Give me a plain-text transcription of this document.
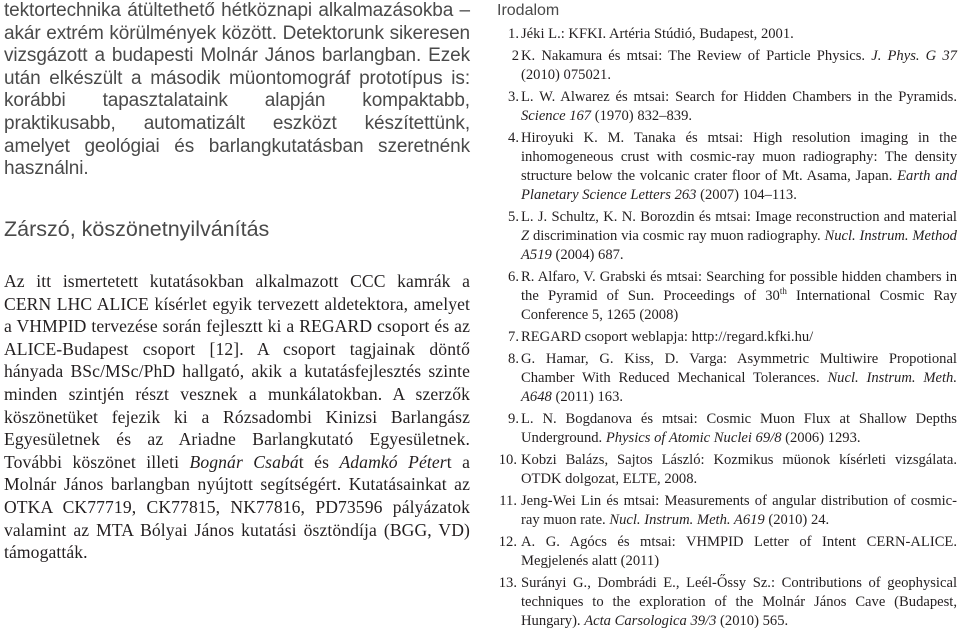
tektortechnika átültethető hétköznapi alkalmazásokba – akár extrém körülmények között. Detektorunk sikeresen vizsgázott a budapesti Molnár János barlangban. Ezek után elkészült a második müontomográf prototípus is: korábbi tapasztalataink alapján kompaktabb, praktikusabb, automatizált eszközt készítettünk, amelyet geológiai és barlangkutatásban szeretnénk használni.

Zárszó, köszönetnyilvánítás

Az itt ismertetett kutatásokban alkalmazott CCC kamrák a CERN LHC ALICE kísérlet egyik tervezett aldetektora, amelyet a VHMPID tervezése során fejlesztt ki a REGARD csoport és az ALICE-Budapest csoport [12]. A csoport tagjainak döntő hányada BSc/MSc/PhD hallgató, akik a kutatásfejlesztés szinte minden szintjén részt vesznek a munkálatokban. A szerzők köszönetüket fejezik ki a Rózsadombi Kinizsi Barlangász Egyesületnek és az Ariadne Barlangkutató Egyesületnek. További köszönet illeti Bognár Csabát és Adamkó Pétert a Molnár János barlangban nyújtott segítségért. Kutatásainkat az OTKA CK77719, CK77815, NK77816, PD73596 pályázatok valamint az MTA Bólyai János kutatási ösztöndíja (BGG, VD) támogatták.

Irodalom
1. Jéki L.: KFKI. Artéria Stúdió, Budapest, 2001.
2 K. Nakamura és mtsai: The Review of Particle Physics. J. Phys. G 37 (2010) 075021.
3. L. W. Alwarez és mtsai: Search for Hidden Chambers in the Pyramids. Science 167 (1970) 832–839.
4. Hiroyuki K. M. Tanaka és mtsai: High resolution imaging in the inhomogeneous crust with cosmic-ray muon radiography: The density structure below the volcanic crater floor of Mt. Asama, Japan. Earth and Planetary Science Letters 263 (2007) 104–113.
5. L. J. Schultz, K. N. Borozdin és mtsai: Image reconstruction and material Z discrimination via cosmic ray muon radiography. Nucl. Instrum. Method A519 (2004) 687.
6. R. Alfaro, V. Grabski és mtsai: Searching for possible hidden chambers in the Pyramid of Sun. Proceedings of 30th International Cosmic Ray Conference 5, 1265 (2008)
7. REGARD csoport weblapja: http://regard.kfki.hu/
8. G. Hamar, G. Kiss, D. Varga: Asymmetric Multiwire Propotional Chamber With Reduced Mechanical Tolerances. Nucl. Instrum. Meth. A648 (2011) 163.
9. L. N. Bogdanova és mtsai: Cosmic Muon Flux at Shallow Depths Underground. Physics of Atomic Nuclei 69/8 (2006) 1293.
10. Kobzi Balázs, Sajtos László: Kozmikus müonok kísérleti vizsgálata. OTDK dolgozat, ELTE, 2008.
11. Jeng-Wei Lin és mtsai: Measurements of angular distribution of cosmic-ray muon rate. Nucl. Instrum. Meth. A619 (2010) 24.
12. A. G. Agócs és mtsai: VHMPID Letter of Intent CERN-ALICE. Megjelenés alatt (2011)
13. Surányi G., Dombrádi E., Leél-Őssy Sz.: Contributions of geophysical techniques to the exploration of the Molnár János Cave (Budapest, Hungary). Acta Carsologica 39/3 (2010) 565.
